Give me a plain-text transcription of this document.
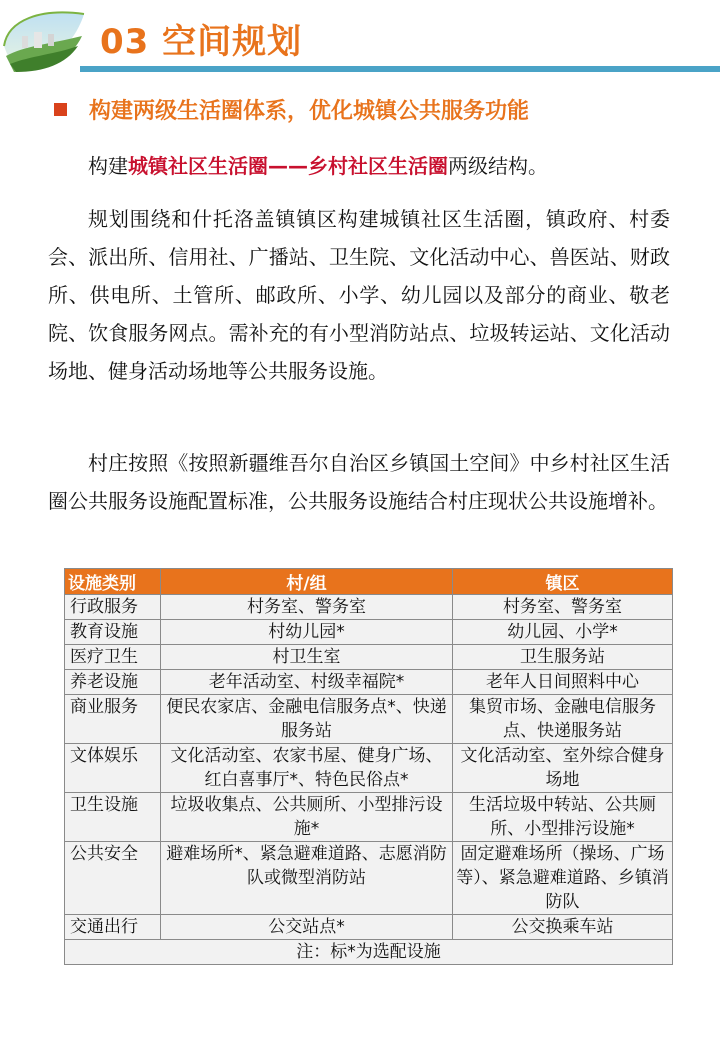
03 空间规划
构建两级生活圈体系，优化城镇公共服务功能
构建城镇社区生活圈——乡村社区生活圈两级结构。
规划围绕和什托洛盖镇镇区构建城镇社区生活圈，镇政府、村委会、派出所、信用社、广播站、卫生院、文化活动中心、兽医站、财政所、供电所、土管所、邮政所、小学、幼儿园以及部分的商业、敬老院、饮食服务网点。需补充的有小型消防站点、垃圾转运站、文化活动场地、健身活动场地等公共服务设施。
村庄按照《按照新疆维吾尔自治区乡镇国土空间》中乡村社区生活圈公共服务设施配置标准，公共服务设施结合村庄现状公共设施增补。
设施类别	村/组	镇区
行政服务	村务室、警务室	村务室、警务室
教育设施	村幼儿园*	幼儿园、小学*
医疗卫生	村卫生室	卫生服务站
养老设施	老年活动室、村级幸福院*	老年人日间照料中心
商业服务	便民农家店、金融电信服务点*、快递服务站	集贸市场、金融电信服务点、快递服务站
文体娱乐	文化活动室、农家书屋、健身广场、红白喜事厅*、特色民俗点*	文化活动室、室外综合健身场地
卫生设施	垃圾收集点、公共厕所、小型排污设施*	生活垃圾中转站、公共厕所、小型排污设施*
公共安全	避难场所*、紧急避难道路、志愿消防队或微型消防站	固定避难场所（操场、广场等）、紧急避难道路、乡镇消防队
交通出行	公交站点*	公交换乘车站
注：标*为选配设施		
